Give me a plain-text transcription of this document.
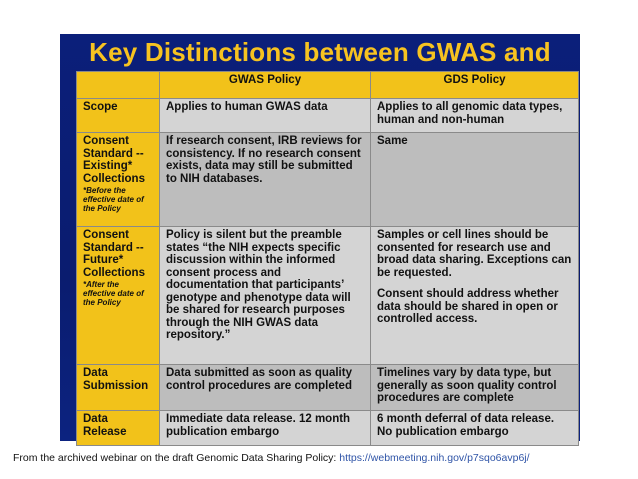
Key Distinctions between GWAS and
	GWAS Policy	GDS Policy
Scope	Applies to human GWAS data	Applies to all genomic data types, human and non-human
Consent Standard -- Existing* Collections
*Before the effective date of the Policy	If research consent, IRB reviews for consistency. If no research consent exists, data may still be submitted to NIH databases.	Same
Consent Standard -- Future* Collections
*After the effective date of the Policy	Policy is silent but the preamble states “the NIH expects specific discussion within the informed consent process and documentation that participants’ genotype and phenotype data will be shared for research purposes through the NIH GWAS data repository.”	Samples or cell lines should be consented for research use and broad data sharing. Exceptions can be requested.
Consent should address whether data should be shared in open or controlled access.

Data Submission	Data submitted as soon as quality control procedures are completed	Timelines vary by data type, but generally as soon quality control procedures are complete
Data Release	Immediate data release. 12 month publication embargo	6 month deferral of data release. No publication embargo
From the archived webinar on the draft Genomic Data Sharing Policy: https://webmeeting.nih.gov/p7sqo6avp6j/
